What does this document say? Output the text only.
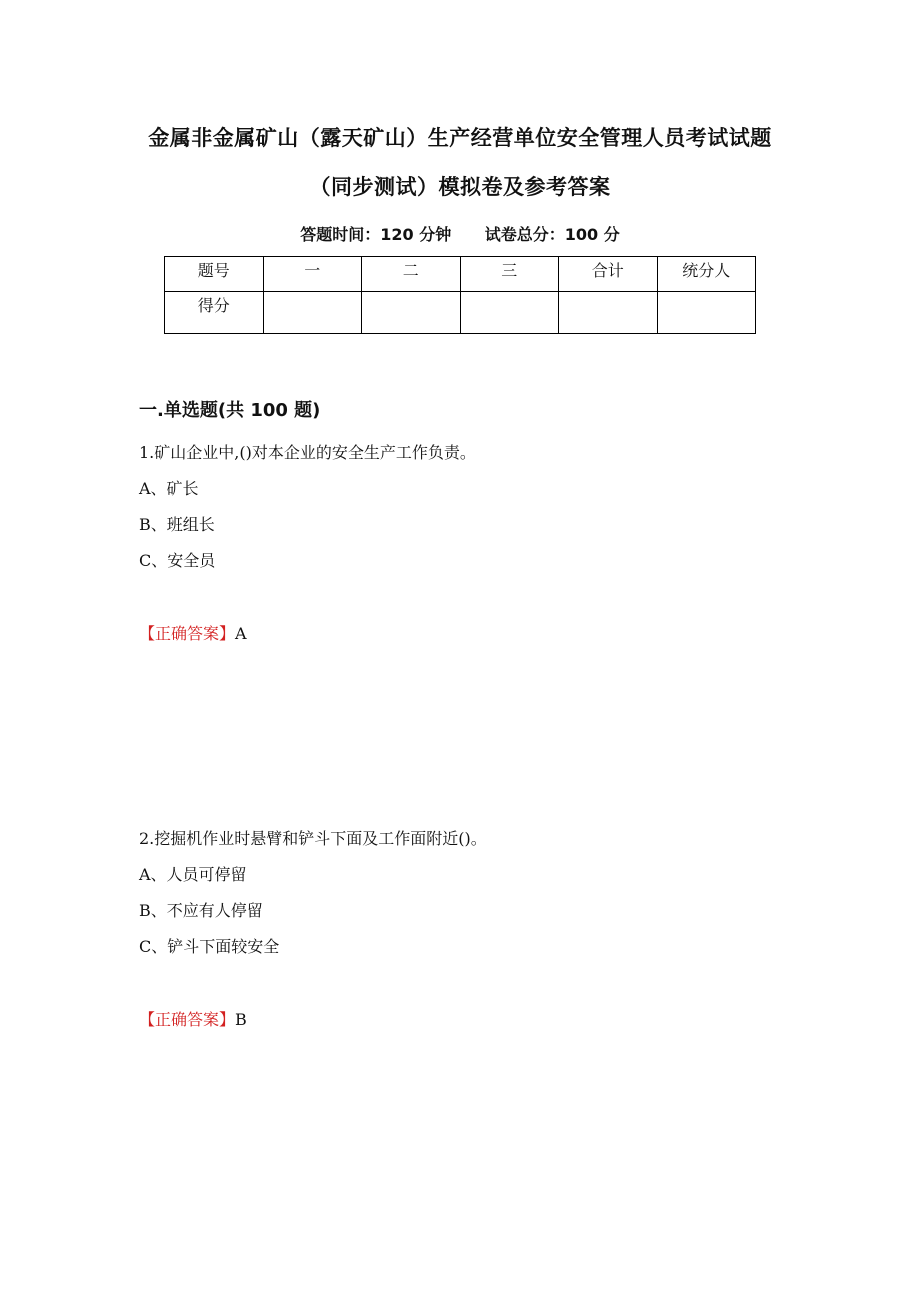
金属非金属矿山（露天矿山）生产经营单位安全管理人员考试试题
（同步测试）模拟卷及参考答案
答题时间：120 分钟 试卷总分：100 分
题号	一	二	三	合计	统分人
得分					
一.单选题(共 100 题)
1.矿山企业中,()对本企业的安全生产工作负责。
A、矿长
B、班组长
C、安全员
【正确答案】A
2.挖掘机作业时悬臂和铲斗下面及工作面附近()。
A、人员可停留
B、不应有人停留
C、铲斗下面较安全
【正确答案】B
